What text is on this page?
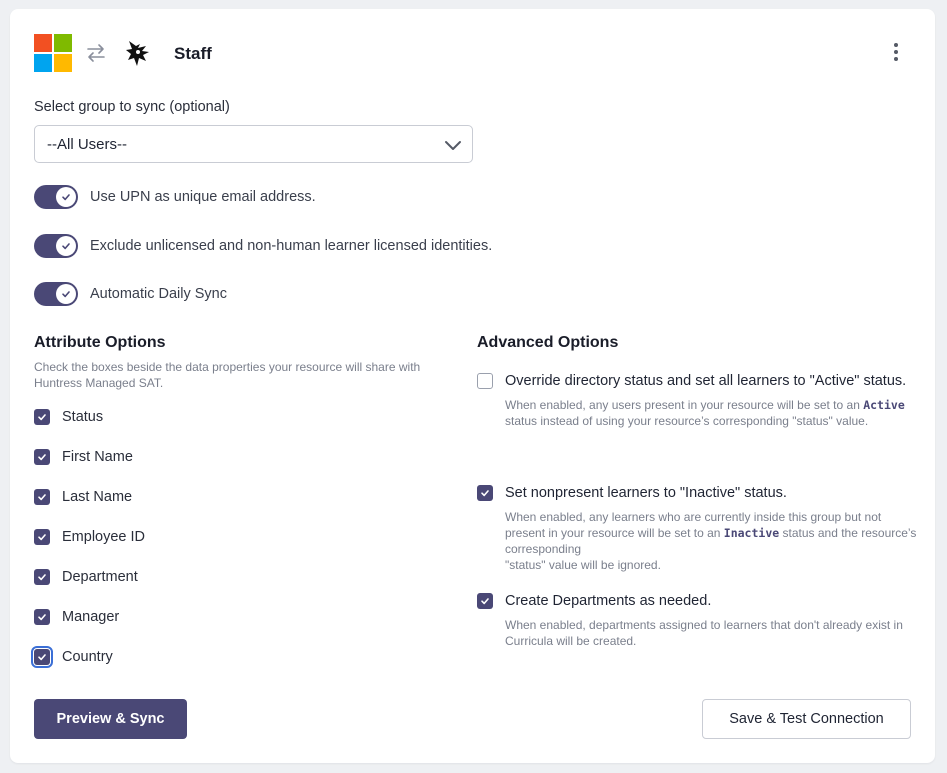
Staff
Select group to sync (optional)
--All Users--
Use UPN as unique email address.
Exclude unlicensed and non-human learner licensed identities.
Automatic Daily Sync
Attribute Options
Check the boxes beside the data properties your resource will share with Huntress Managed SAT.
Status
First Name
Last Name
Employee ID
Department
Manager
Country
Advanced Options
Override directory status and set all learners to "Active" status.
When enabled, any users present in your resource will be set to an Active status instead of using your resource’s corresponding "status" value.
Set nonpresent learners to "Inactive" status.
When enabled, any learners who are currently inside this group but not present in your resource will be set to an Inactive status and the resource’s corresponding
"status" value will be ignored.
Create Departments as needed.
When enabled, departments assigned to learners that don't already exist in Curricula will be created.
Preview & Sync	Save & Test Connection
